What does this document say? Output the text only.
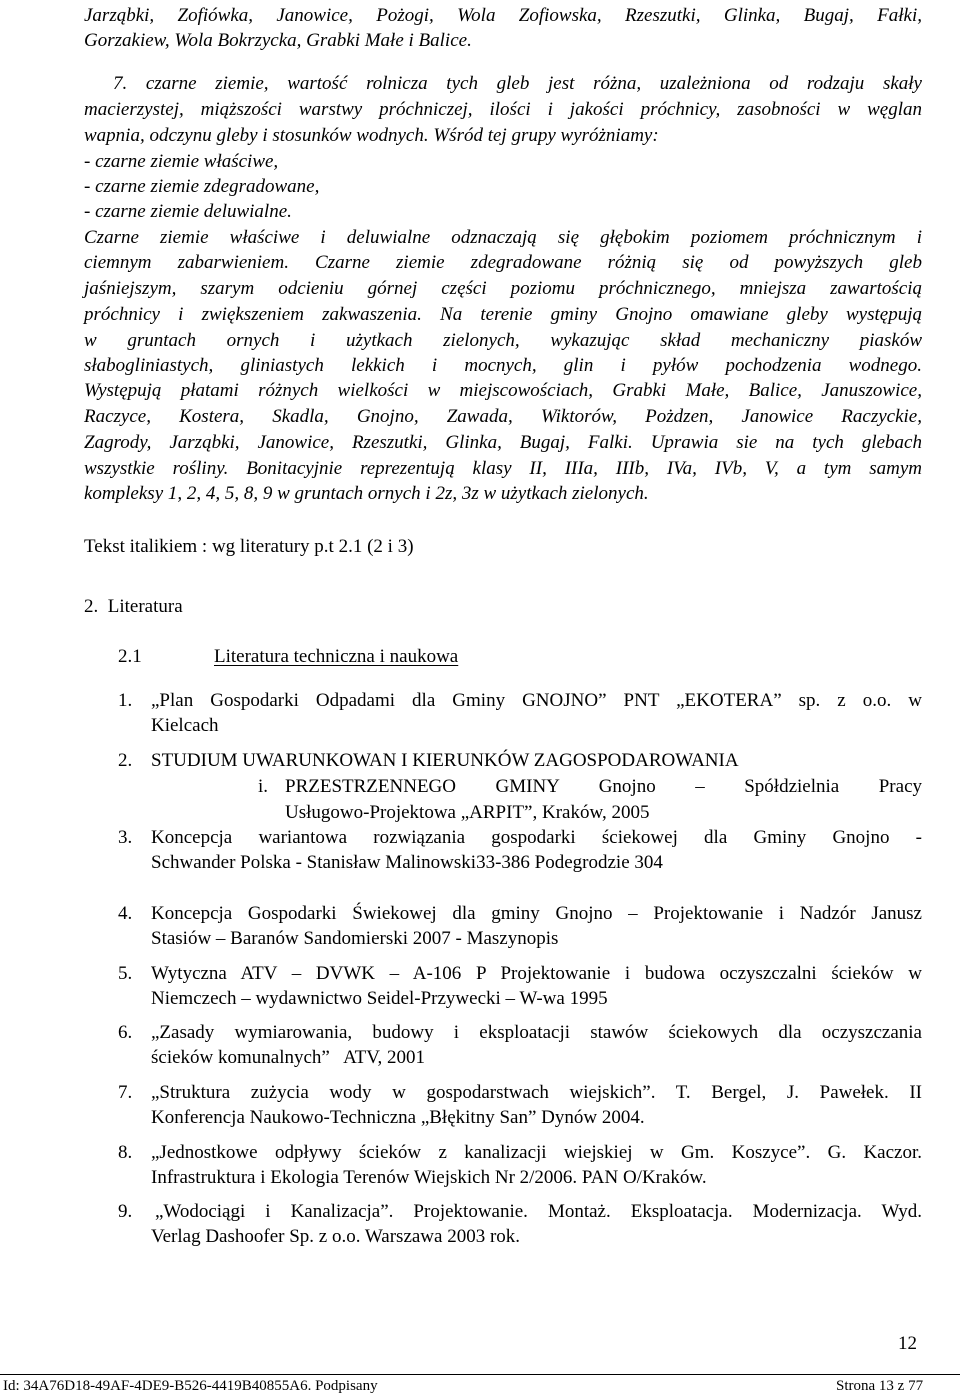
Jarząbki, Zofiówka, Janowice, Pożogi, Wola Zofiowska, Rzeszutki, Glinka, Bugaj, Fałki,
Gorzakiew, Wola Bokrzycka, Grabki Małe i Balice.
7. czarne ziemie, wartość rolnicza tych gleb jest różna, uzależniona od rodzaju skały
macierzystej, miąższości warstwy próchniczej, ilości i jakości próchnicy, zasobności w węglan
wapnia, odczynu gleby i stosunków wodnych. Wśród tej grupy wyróżniamy:
- czarne ziemie właściwe,
- czarne ziemie zdegradowane,
- czarne ziemie deluwialne.
Czarne ziemie właściwe i deluwialne odznaczają się głębokim poziomem próchnicznym i
ciemnym zabarwieniem. Czarne ziemie zdegradowane różnią się od powyższych gleb
jaśniejszym, szarym odcieniu górnej części poziomu próchnicznego, mniejsza zawartością
próchnicy i zwiększeniem zakwaszenia. Na terenie gminy Gnojno omawiane gleby występują
w gruntach ornych i użytkach zielonych, wykazując skład mechaniczny piasków
słabogliniastych, gliniastych lekkich i mocnych, glin i pyłów pochodzenia wodnego.
Występują płatami różnych wielkości w miejscowościach, Grabki Małe, Balice, Januszowice,
Raczyce, Kostera, Skadla, Gnojno, Zawada, Wiktorów, Pożdzen, Janowice Raczyckie,
Zagrody, Jarząbki, Janowice, Rzeszutki, Glinka, Bugaj, Falki. Uprawia sie na tych glebach
wszystkie rośliny. Bonitacyjnie reprezentują klasy II, IIIa, IIIb, IVa, IVb, V, a tym samym
kompleksy 1, 2, 4, 5, 8, 9 w gruntach ornych i 2z, 3z w użytkach zielonych.
Tekst italikiem : wg literatury p.t 2.1 (2 i 3)
2. Literatura
2.1	Literatura techniczna i naukowa
1. „Plan Gospodarki Odpadami dla Gminy GNOJNO” PNT „EKOTERA” sp. z o.o. w
Kielcach
2. STUDIUM UWARUNKOWAN I KIERUNKÓW ZAGOSPODAROWANIA
i. PRZESTRZENNEGO GMINY Gnojno – Spółdzielnia Pracy
Usługowo-Projektowa „ARPIT”, Kraków, 2005
3. Koncepcja wariantowa rozwiązania gospodarki ściekowej dla Gminy Gnojno -
Schwander Polska - Stanisław Malinowski33-386 Podegrodzie 304
4. Koncepcja Gospodarki Świekowej dla gminy Gnojno – Projektowanie i Nadzór Janusz
Stasiów – Baranów Sandomierski 2007 - Maszynopis
5. Wytyczna ATV – DVWK – A-106 P Projektowanie i budowa oczyszczalni ścieków w
Niemczech – wydawnictwo Seidel-Przywecki – W-wa 1995
6. „Zasady wymiarowania, budowy i eksploatacji stawów ściekowych dla oczyszczania
ścieków komunalnych”   ATV, 2001
7. „Struktura zużycia wody w gospodarstwach wiejskich”. T. Bergel, J. Pawełek. II
Konferencja Naukowo-Techniczna „Błękitny San” Dynów 2004.
8. „Jednostkowe odpływy ścieków z kanalizacji wiejskiej w Gm. Koszyce”. G. Kaczor.
Infrastruktura i Ekologia Terenów Wiejskich Nr 2/2006. PAN O/Kraków.
9. „Wodociągi i Kanalizacja”. Projektowanie. Montaż. Eksploatacja. Modernizacja. Wyd.
Verlag Dashoofer Sp. z o.o. Warszawa 2003 rok.
12
Id: 34A76D18-49AF-4DE9-B526-4419B40855A6. Podpisany	Strona 13 z 77
